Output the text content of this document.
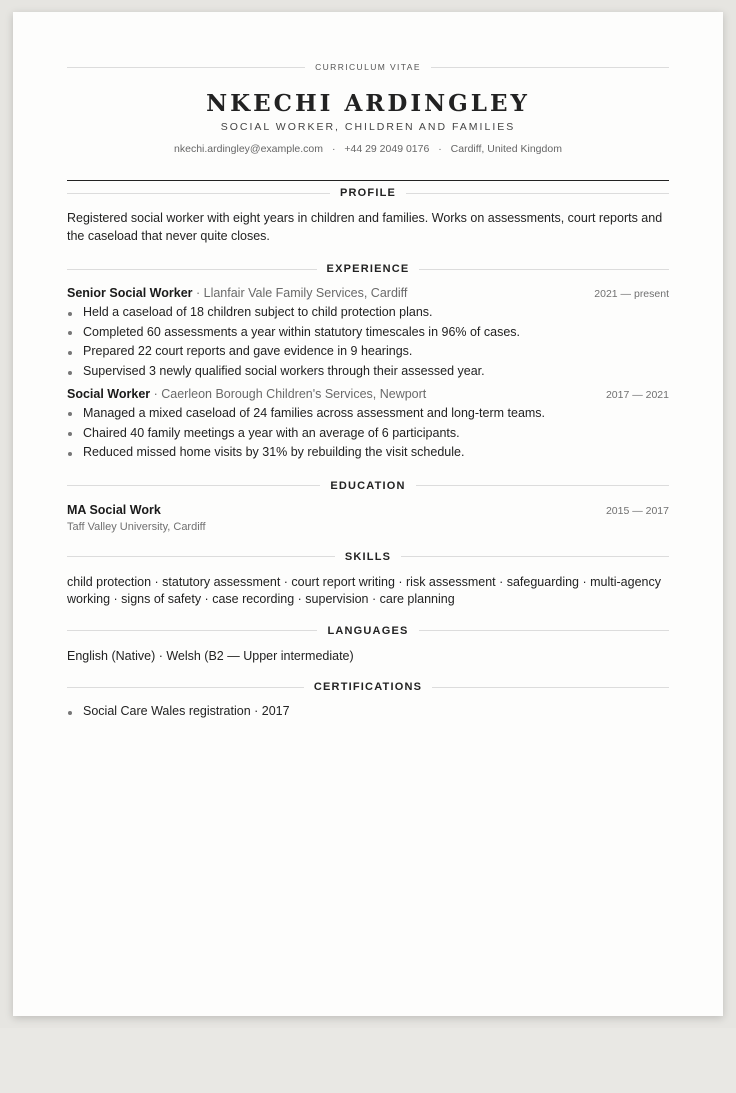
CURRICULUM VITAE
NKECHI ARDINGLEY
SOCIAL WORKER, CHILDREN AND FAMILIES
nkechi.ardingley@example.com · +44 29 2049 0176 · Cardiff, United Kingdom
PROFILE
Registered social worker with eight years in children and families. Works on assessments, court reports and the caseload that never quite closes.
EXPERIENCE
Senior Social Worker · Llanfair Vale Family Services, Cardiff	2021 — present
Held a caseload of 18 children subject to child protection plans.
Completed 60 assessments a year within statutory timescales in 96% of cases.
Prepared 22 court reports and gave evidence in 9 hearings.
Supervised 3 newly qualified social workers through their assessed year.
Social Worker · Caerleon Borough Children's Services, Newport	2017 — 2021
Managed a mixed caseload of 24 families across assessment and long-term teams.
Chaired 40 family meetings a year with an average of 6 participants.
Reduced missed home visits by 31% by rebuilding the visit schedule.
EDUCATION
MA Social Work	2015 — 2017
Taff Valley University, Cardiff
SKILLS
child protection · statutory assessment · court report writing · risk assessment · safeguarding · multi-agency working · signs of safety · case recording · supervision · care planning
LANGUAGES
English (Native) · Welsh (B2 — Upper intermediate)
CERTIFICATIONS
Social Care Wales registration · 2017
